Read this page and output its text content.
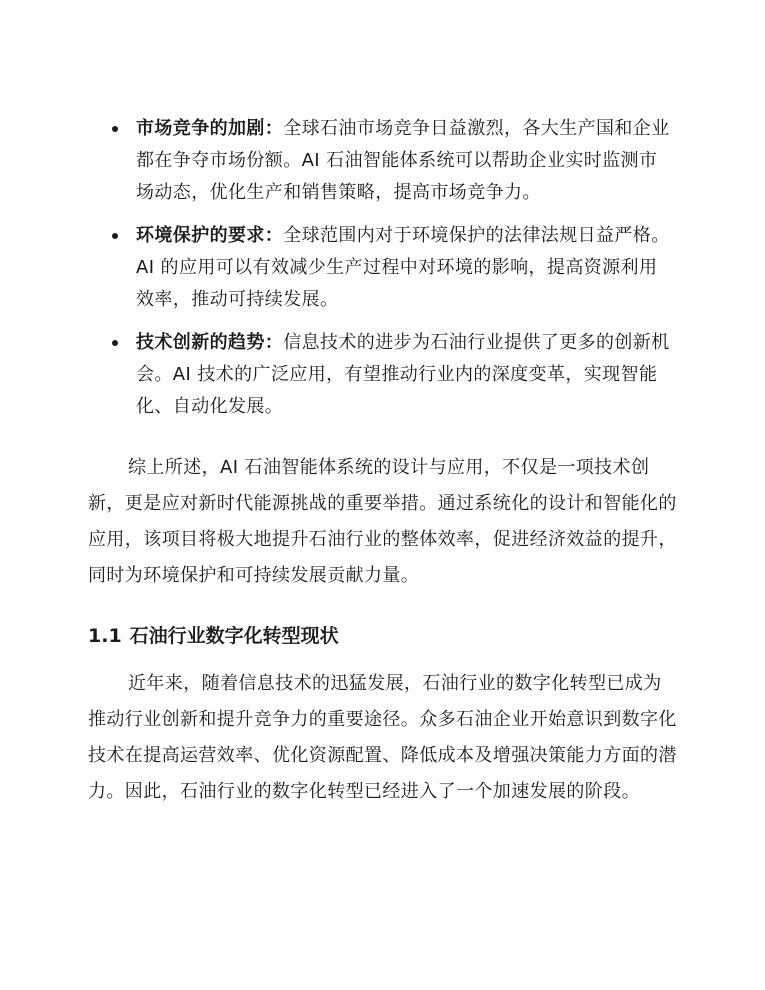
市场竞争的加剧：全球石油市场竞争日益激烈，各大生产国和企业都在争夺市场份额。AI 石油智能体系统可以帮助企业实时监测市场动态，优化生产和销售策略，提高市场竞争力。
环境保护的要求：全球范围内对于环境保护的法律法规日益严格。AI 的应用可以有效减少生产过程中对环境的影响，提高资源利用效率，推动可持续发展。
技术创新的趋势：信息技术的进步为石油行业提供了更多的创新机会。AI 技术的广泛应用，有望推动行业内的深度变革，实现智能化、自动化发展。

综上所述，AI 石油智能体系统的设计与应用，不仅是一项技术创新，更是应对新时代能源挑战的重要举措。通过系统化的设计和智能化的应用，该项目将极大地提升石油行业的整体效率，促进经济效益的提升，同时为环境保护和可持续发展贡献力量。

1.1 石油行业数字化转型现状

近年来，随着信息技术的迅猛发展，石油行业的数字化转型已成为推动行业创新和提升竞争力的重要途径。众多石油企业开始意识到数字化技术在提高运营效率、优化资源配置、降低成本及增强决策能力方面的潜力。因此，石油行业的数字化转型已经进入了一个加速发展的阶段。
